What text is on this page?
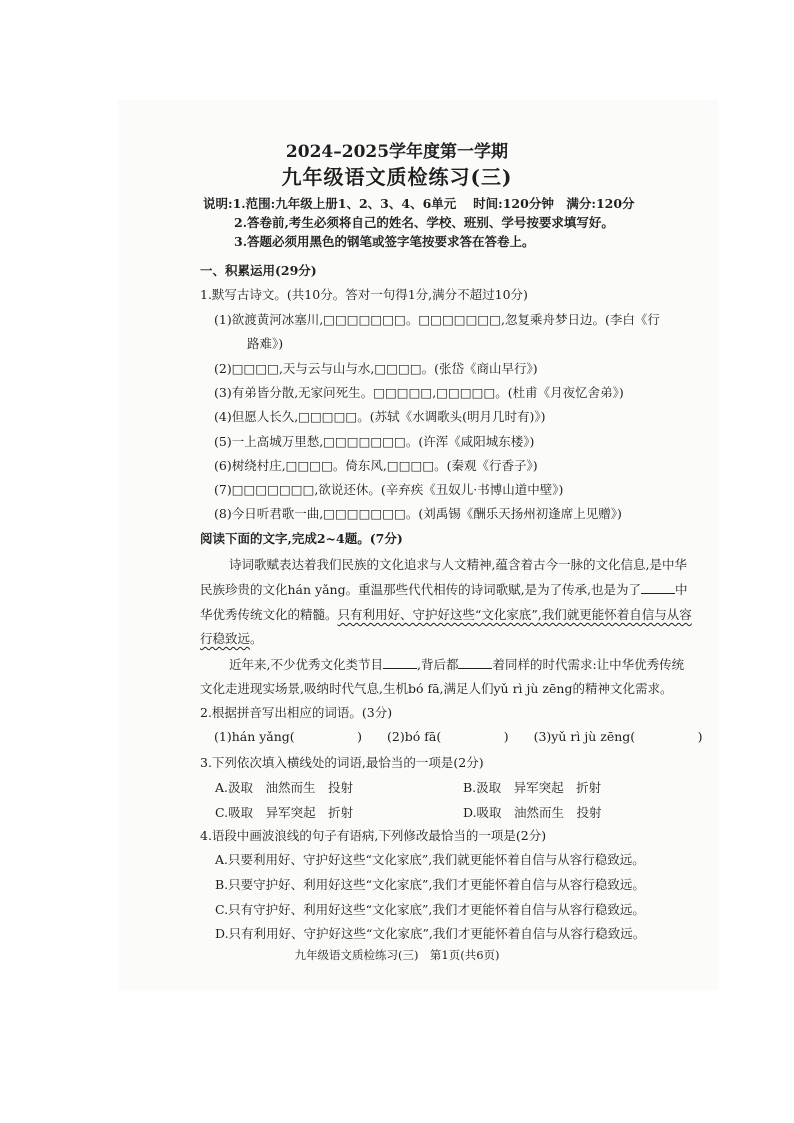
2024–2025学年度第一学期
九年级语文质检练习(三)
说明:1.范围:九年级上册1、2、3、4、6单元　 时间:120分钟　满分:120分
2.答卷前,考生必须将自己的姓名、学校、班别、学号按要求填写好。
3.答题必须用黑色的钢笔或签字笔按要求答在答卷上。
一、积累运用(29分)
1.默写古诗文。(共10分。答对一句得1分,满分不超过10分)
(1)欲渡黄河冰塞川,□□□□□□□。□□□□□□□,忽复乘舟梦日边。(李白《行
路难》)
(2)□□□□,天与云与山与水,□□□□。(张岱《商山早行》)
(3)有弟皆分散,无家问死生。□□□□□,□□□□□。(杜甫《月夜忆舍弟》)
(4)但愿人长久,□□□□□。(苏轼《水调歌头(明月几时有)》)
(5)一上高城万里愁,□□□□□□□。(许浑《咸阳城东楼》)
(6)树绕村庄,□□□□。倚东风,□□□□。(秦观《行香子》)
(7)□□□□□□□,欲说还休。(辛弃疾《丑奴儿·书博山道中壁》)
(8)今日听君歌一曲,□□□□□□□。(刘禹锡《酬乐天扬州初逢席上见赠》)
阅读下面的文字,完成2~4题。(7分)
诗词歌赋表达着我们民族的文化追求与人文精神,蕴含着古今一脉的文化信息,是中华
民族珍贵的文化hán yǎng。重温那些代代相传的诗词歌赋,是为了传承,也是为了	中
华优秀传统文化的精髓。只有利用好、守护好这些“文化家底”,我们就更能怀着自信与从容
行稳致远。
近年来,不少优秀文化类节目	,背后都	着同样的时代需求:让中华优秀传统
文化走进现实场景,吸纳时代气息,生机bó fā,满足人们yǔ rì jù zēng的精神文化需求。
2.根据拼音写出相应的词语。(3分)
(1)hán yǎng(　　　　　)　　(2)bó fā(　　　　　)　　(3)yǔ rì jù zēng(　　　　　)
3.下列依次填入横线处的词语,最恰当的一项是(2分)
A.汲取　油然而生　投射	B.汲取　异军突起　折射
C.吸取　异军突起　折射	D.吸取　油然而生　投射
4.语段中画波浪线的句子有语病,下列修改最恰当的一项是(2分)
A.只要利用好、守护好这些“文化家底”,我们就更能怀着自信与从容行稳致远。
B.只要守护好、利用好这些“文化家底”,我们才更能怀着自信与从容行稳致远。
C.只有守护好、利用好这些“文化家底”,我们才更能怀着自信与从容行稳致远。
D.只有利用好、守护好这些“文化家底”,我们才更能怀着自信与从容行稳致远。
九年级语文质检练习(三)　第1页(共6页)
